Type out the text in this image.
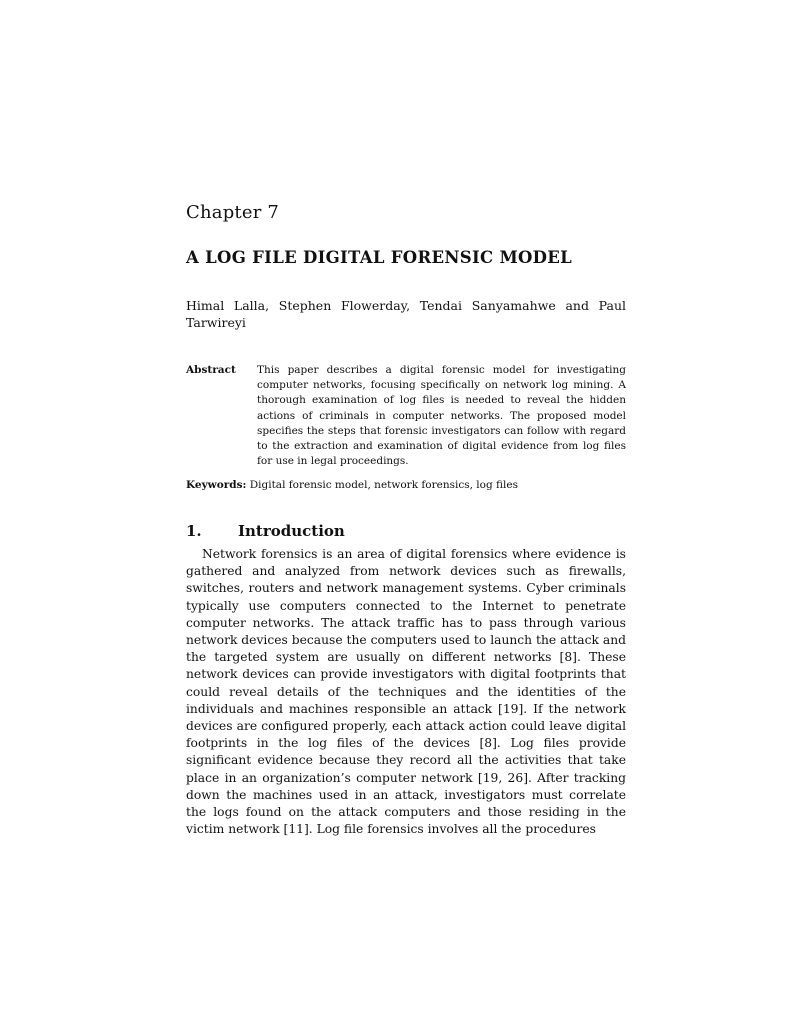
Chapter 7
A LOG FILE DIGITAL FORENSIC MODEL
Himal Lalla, Stephen Flowerday, Tendai Sanyamahwe and Paul Tarwireyi
Abstract	This paper describes a digital forensic model for investigating computer networks, focusing specifically on network log mining. A thorough examination of log files is needed to reveal the hidden actions of criminals in computer networks. The proposed model specifies the steps that forensic investigators can follow with regard to the extraction and examination of digital evidence from log files for use in legal proceedings.
Keywords: Digital forensic model, network forensics, log files
1. Introduction

Network forensics is an area of digital forensics where evidence is gathered and analyzed from network devices such as firewalls, switches, routers and network management systems. Cyber criminals typically use computers connected to the Internet to penetrate computer networks. The attack traffic has to pass through various network devices because the computers used to launch the attack and the targeted system are usually on different networks [8]. These network devices can provide investigators with digital footprints that could reveal details of the techniques and the identities of the individuals and machines responsible an attack [19]. If the network devices are configured properly, each attack action could leave digital footprints in the log files of the devices [8]. Log files provide significant evidence because they record all the activities that take place in an organization’s computer network [19, 26]. After tracking down the machines used in an attack, investigators must correlate the logs found on the attack computers and those residing in the victim network [11]. Log file forensics involves all the procedures
